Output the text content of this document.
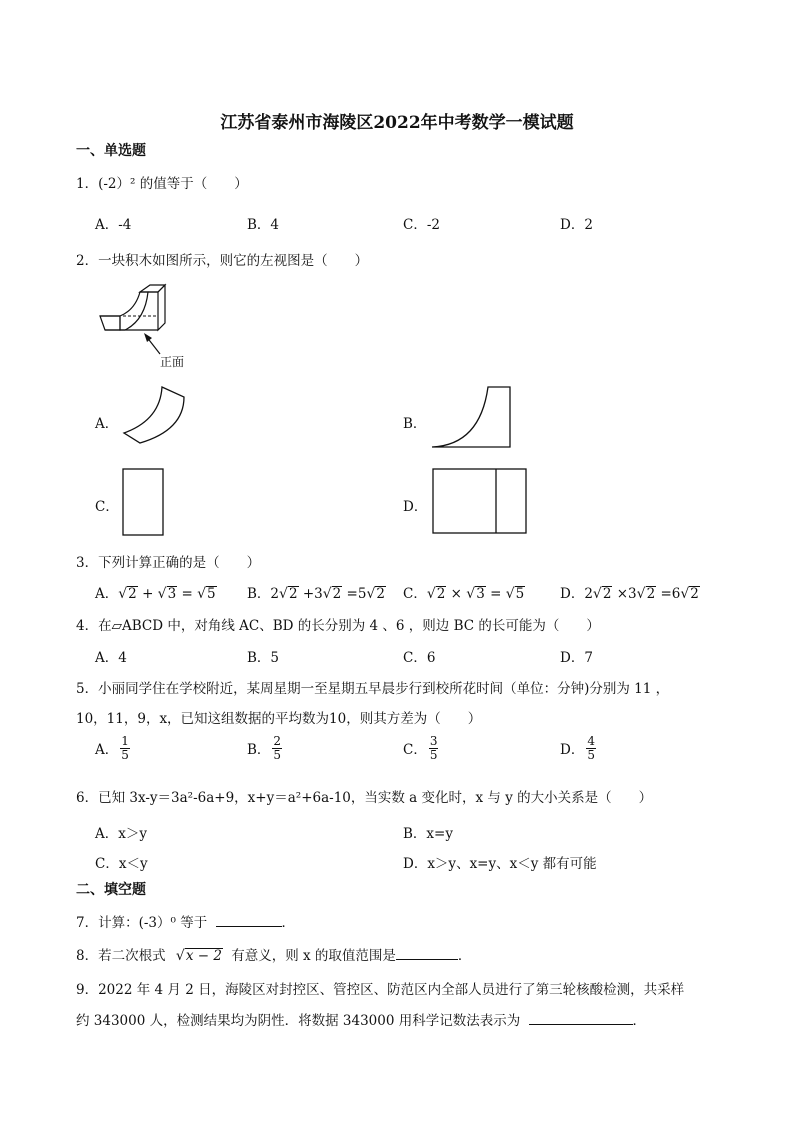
江苏省泰州市海陵区2022年中考数学一模试题
一、单选题
1．(-2）² 的值等于（　　）
A．-4	B．4	C．-2	D．2
2．一块积木如图所示，则它的左视图是（　　）
正面
A．	B．
C．	D．
3．下列计算正确的是（　　）
A．√2 + √3 = √5 B．2√2 +3√2 =5√2 C．√2 × √3 = √5	D．2√2 ×3√2 =6√2
4．在▱ABCD 中，对角线 AC、BD 的长分别为 4 、6 ，则边 BC 的长可能为（　　）
A．4	B．5	C．6	D．7
5．小丽同学住在学校附近，某周星期一至星期五早晨步行到校所花时间（单位：分钟)分别为 11 ，
10，11，9，x，已知这组数据的平均数为10，则其方差为（　　）
A． $\frac{1}{5}$	B． $\frac{2}{5}$	C． $\frac{3}{5}$	D． $\frac{4}{5}$
6．已知 3x-y＝3a²-6a+9，x+y＝a²+6a-10，当实数 a 变化时，x 与 y 的大小关系是（　　）
A．x＞y	B．x=y
C．x＜y	D．x＞y、x=y、x＜y 都有可能
二、填空题
7．计算：(-3）⁰ 等于	．
8．若二次根式 √x − 2 有意义，则 x 的取值范围是	．
9．2022 年 4 月 2 日，海陵区对封控区、管控区、防范区内全部人员进行了第三轮核酸检测，共采样
约 343000 人，检测结果均为阴性．将数据 343000 用科学记数法表示为	．
